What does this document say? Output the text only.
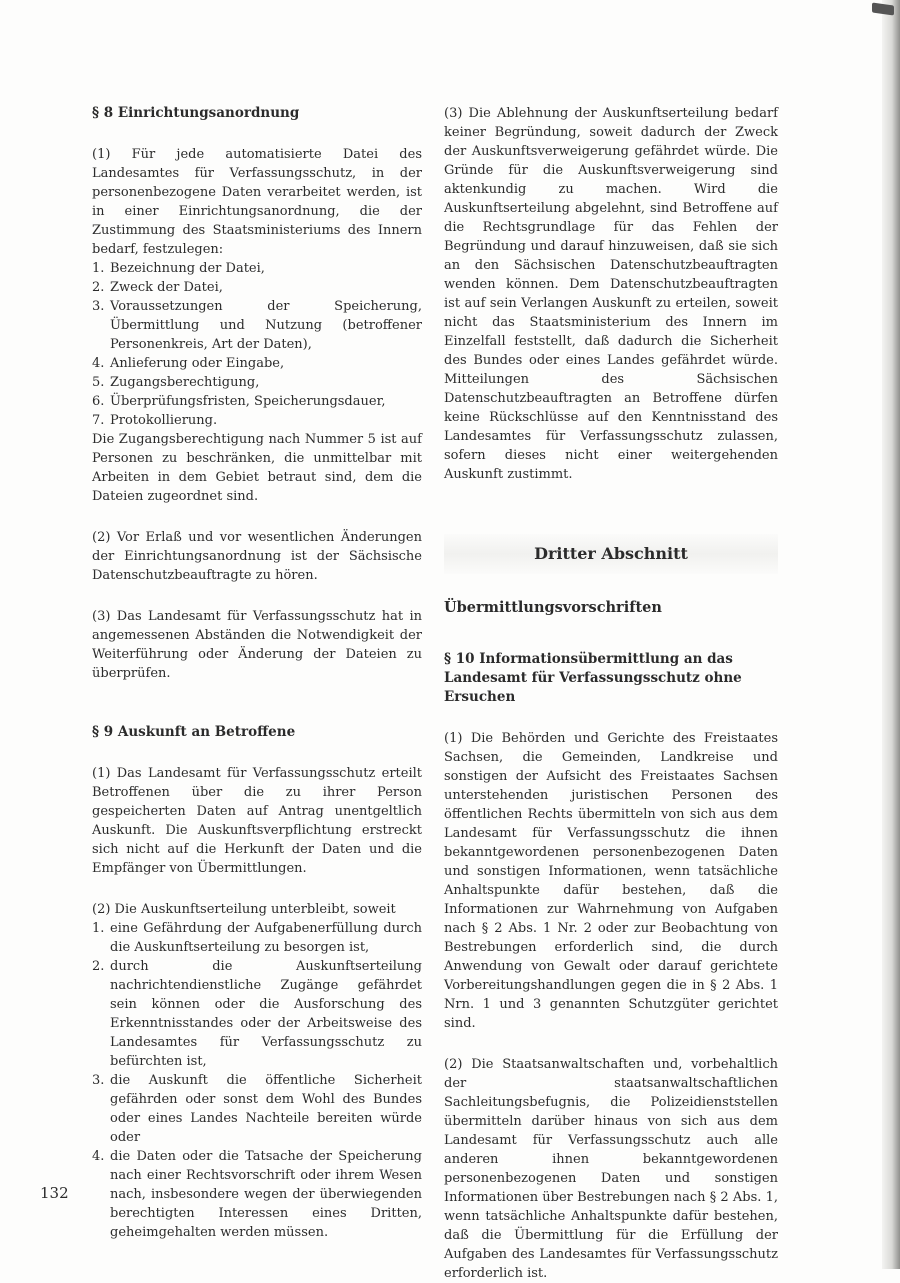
§ 8 Einrichtungsanordnung

(1) Für jede automatisierte Datei des Landesamtes für Verfassungsschutz, in der personenbezogene Daten verarbeitet werden, ist in einer Einrichtungsanordnung, die der Zustimmung des Staatsministeriums des Innern bedarf, festzulegen:

1. Bezeichnung der Datei,
2. Zweck der Datei,
3. Voraussetzungen der Speicherung, Übermittlung und Nutzung (betroffener Personenkreis, Art der Daten),
4. Anlieferung oder Eingabe,
5. Zugangsberechtigung,
6. Überprüfungsfristen, Speicherungsdauer,
7. Protokollierung.

Die Zugangsberechtigung nach Nummer 5 ist auf Personen zu beschränken, die unmittelbar mit Arbeiten in dem Gebiet betraut sind, dem die Dateien zugeordnet sind.

(2) Vor Erlaß und vor wesentlichen Änderungen der Einrichtungsanordnung ist der Sächsische Datenschutzbeauftragte zu hören.

(3) Das Landesamt für Verfassungsschutz hat in angemessenen Abständen die Notwendigkeit der Weiterführung oder Änderung der Dateien zu überprüfen.

§ 9 Auskunft an Betroffene

(1) Das Landesamt für Verfassungsschutz erteilt Betroffenen über die zu ihrer Person gespeicherten Daten auf Antrag unentgeltlich Auskunft. Die Auskunftsverpflichtung erstreckt sich nicht auf die Herkunft der Daten und die Empfänger von Übermittlungen.

(2) Die Auskunftserteilung unterbleibt, soweit

1. eine Gefährdung der Aufgabenerfüllung durch die Auskunftserteilung zu besorgen ist,
2. durch die Auskunftserteilung nachrichtendienstliche Zugänge gefährdet sein können oder die Ausforschung des Erkenntnisstandes oder der Arbeitsweise des Landesamtes für Verfassungsschutz zu befürchten ist,
3. die Auskunft die öffentliche Sicherheit gefährden oder sonst dem Wohl des Bundes oder eines Landes Nachteile bereiten würde oder
4. die Daten oder die Tatsache der Speicherung nach einer Rechtsvorschrift oder ihrem Wesen nach, insbesondere wegen der überwiegenden berechtigten Interessen eines Dritten, geheimgehalten werden müssen.

(3) Die Ablehnung der Auskunftserteilung bedarf keiner Begründung, soweit dadurch der Zweck der Auskunftsverweigerung gefährdet würde. Die Gründe für die Auskunftsverweigerung sind aktenkundig zu machen. Wird die Auskunftserteilung abgelehnt, sind Betroffene auf die Rechtsgrundlage für das Fehlen der Begründung und darauf hinzuweisen, daß sie sich an den Sächsischen Datenschutzbeauftragten wenden können. Dem Datenschutzbeauftragten ist auf sein Verlangen Auskunft zu erteilen, soweit nicht das Staatsministerium des Innern im Einzelfall feststellt, daß dadurch die Sicherheit des Bundes oder eines Landes gefährdet würde. Mitteilungen des Sächsischen Datenschutzbeauftragten an Betroffene dürfen keine Rückschlüsse auf den Kenntnisstand des Landesamtes für Verfassungsschutz zulassen, sofern dieses nicht einer weitergehenden Auskunft zustimmt.

Dritter Abschnitt
Übermittlungsvorschriften
§ 10 Informationsübermittlung an das Landesamt für Verfassungsschutz ohne Ersuchen

(1) Die Behörden und Gerichte des Freistaates Sachsen, die Gemeinden, Landkreise und sonstigen der Aufsicht des Freistaates Sachsen unterstehenden juristischen Personen des öffentlichen Rechts übermitteln von sich aus dem Landesamt für Verfassungsschutz die ihnen bekanntgewordenen personenbezogenen Daten und sonstigen Informationen, wenn tatsächliche Anhaltspunkte dafür bestehen, daß die Informationen zur Wahrnehmung von Aufgaben nach § 2 Abs. 1 Nr. 2 oder zur Beobachtung von Bestrebungen erforderlich sind, die durch Anwendung von Gewalt oder darauf gerichtete Vorbereitungshandlungen gegen die in § 2 Abs. 1 Nrn. 1 und 3 genannten Schutzgüter gerichtet sind.

(2) Die Staatsanwaltschaften und, vorbehaltlich der staatsanwaltschaftlichen Sachleitungsbefugnis, die Polizeidienststellen übermitteln darüber hinaus von sich aus dem Landesamt für Verfassungsschutz auch alle anderen ihnen bekanntgewordenen personenbezogenen Daten und sonstigen Informationen über Bestrebungen nach § 2 Abs. 1, wenn tatsächliche Anhaltspunkte dafür bestehen, daß die Übermittlung für die Erfüllung der Aufgaben des Landesamtes für Verfassungsschutz erforderlich ist.

132
